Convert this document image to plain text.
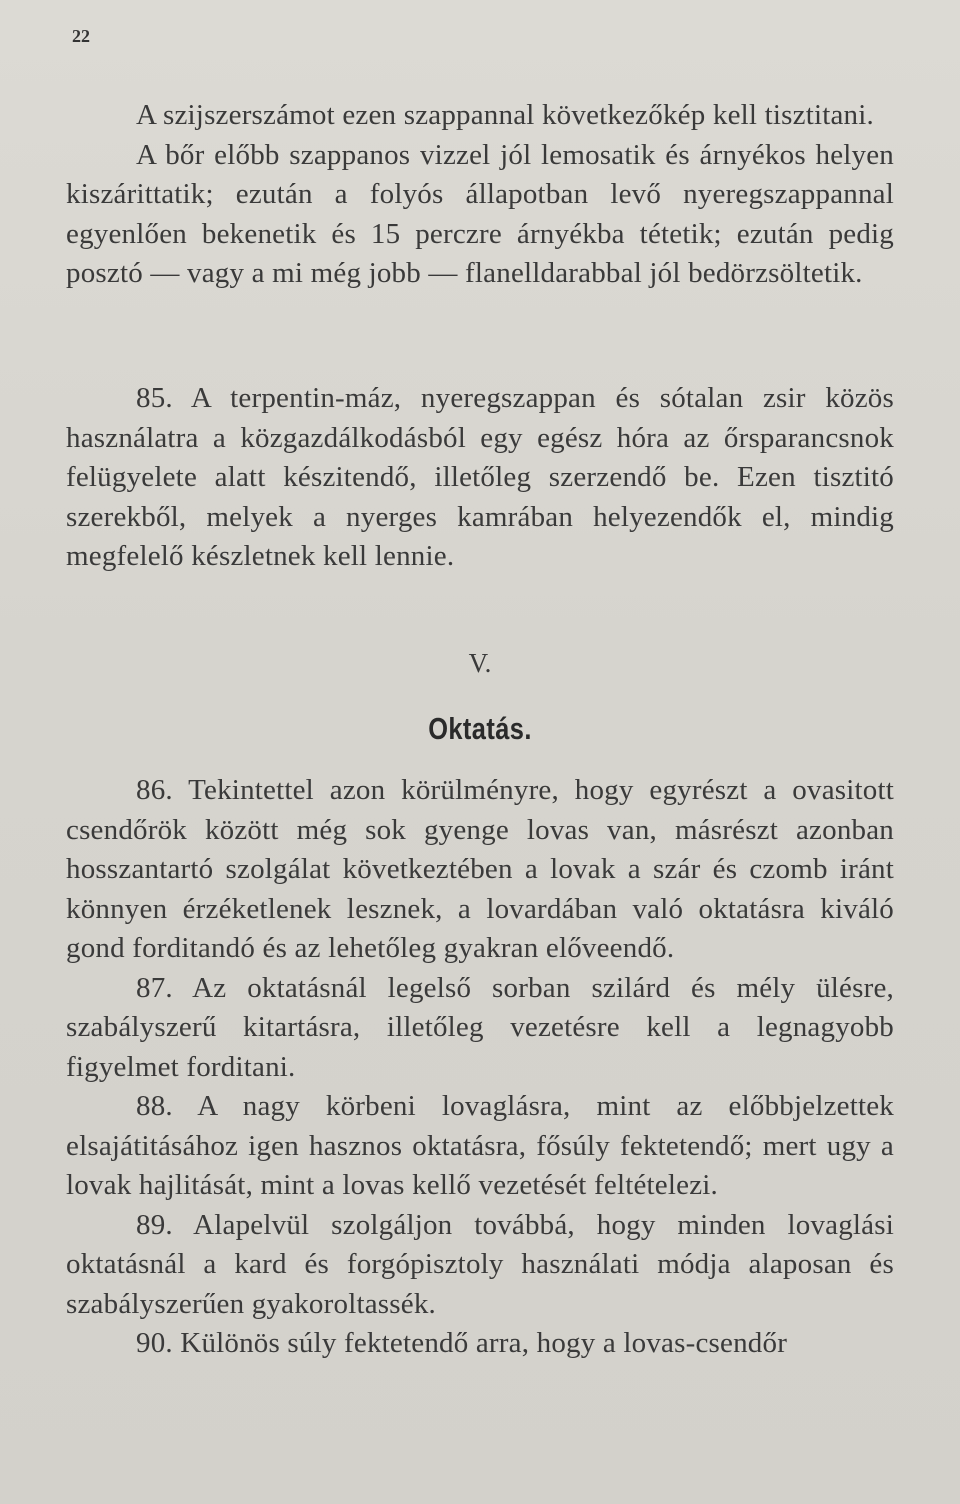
22

A szijszerszámot ezen szappannal következőkép kell tisztitani.

A bőr előbb szappanos vizzel jól lemosatik és árnyékos helyen kiszárittatik; ezután a folyós állapotban levő nyeregszappannal egyenlően bekenetik és 15 perczre árnyékba tétetik; ezután pedig posztó — vagy a mi még jobb — flanelldarabbal jól bedörzsöltetik.

85. A terpentin-máz, nyeregszappan és sótalan zsir közös használatra a közgazdálkodásból egy egész hóra az őrsparancsnok felügyelete alatt készitendő, illetőleg szerzendő be. Ezen tisztitó szerekből, melyek a nyerges kamrában helyezendők el, mindig megfelelő készletnek kell lennie.

V.
Oktatás.

86. Tekintettel azon körülményre, hogy egyrészt a ovasitott csendőrök között még sok gyenge lovas van, másrészt azonban hosszantartó szolgálat következtében a lovak a szár és czomb iránt könnyen érzéketlenek lesznek, a lovardában való oktatásra kiváló gond forditandó és az lehetőleg gyakran előveendő.

87. Az oktatásnál legelső sorban szilárd és mély ülésre, szabályszerű kitartásra, illetőleg vezetésre kell a legnagyobb figyelmet forditani.

88. A nagy körbeni lovaglásra, mint az előbbjelzettek elsajátitásához igen hasznos oktatásra, fősúly fektetendő; mert ugy a lovak hajlitását, mint a lovas kellő vezetését feltételezi.

89. Alapelvül szolgáljon továbbá, hogy minden lovaglási oktatásnál a kard és forgópisztoly használati módja alaposan és szabályszerűen gyakoroltassék.

90. Különös súly fektetendő arra, hogy a lovas-csendőr
